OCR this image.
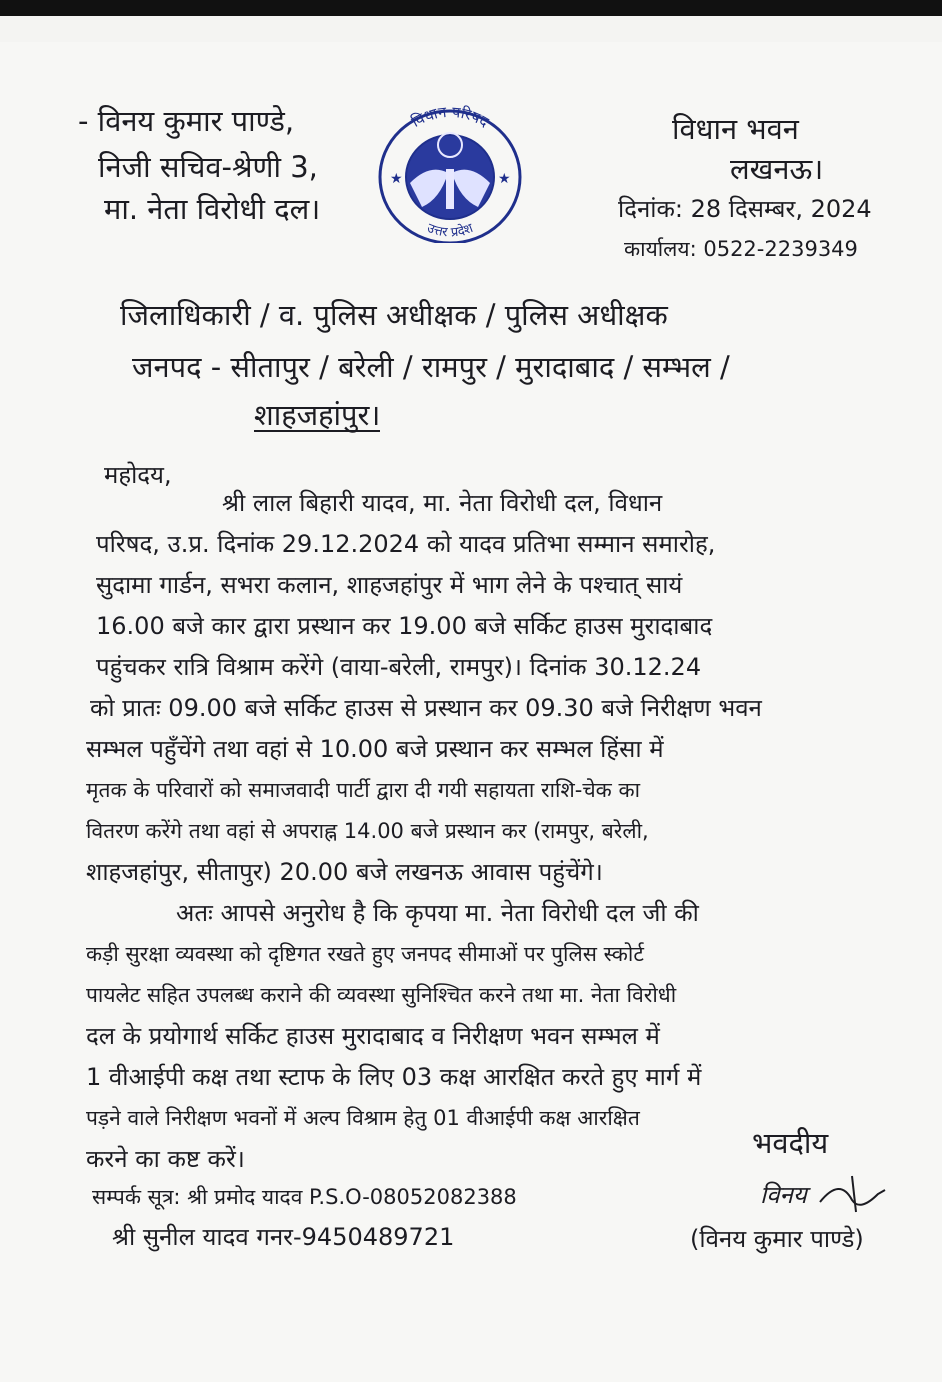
- विनय कुमार पाण्डे,
निजी सचिव-श्रेणी 3,
मा. नेता विरोधी दल।
विधान परिषद
उत्तर प्रदेश
★	★
विधान भवन
लखनऊ।
दिनांक: 28 दिसम्बर, 2024
कार्यालय: 0522-2239349
जिलाधिकारी / व. पुलिस अधीक्षक / पुलिस अधीक्षक
जनपद - सीतापुर / बरेली / रामपुर / मुरादाबाद / सम्भल /
शाहजहांपुर।
महोदय,
श्री लाल बिहारी यादव, मा. नेता विरोधी दल, विधान
परिषद, उ.प्र. दिनांक 29.12.2024 को यादव प्रतिभा सम्मान समारोह,
सुदामा गार्डन, सभरा कलान, शाहजहांपुर में भाग लेने के पश्चात् सायं
16.00 बजे कार द्वारा प्रस्थान कर 19.00 बजे सर्किट हाउस मुरादाबाद
पहुंचकर रात्रि विश्राम करेंगे (वाया-बरेली, रामपुर)। दिनांक 30.12.24
को प्रातः 09.00 बजे सर्किट हाउस से प्रस्थान कर 09.30 बजे निरीक्षण भवन
सम्भल पहुँचेंगे तथा वहां से 10.00 बजे प्रस्थान कर सम्भल हिंसा में
मृतक के परिवारों को समाजवादी पार्टी द्वारा दी गयी सहायता राशि-चेक का
वितरण करेंगे तथा वहां से अपराह्न 14.00 बजे प्रस्थान कर (रामपुर, बरेली,
शाहजहांपुर, सीतापुर) 20.00 बजे लखनऊ आवास पहुंचेंगे।
अतः आपसे अनुरोध है कि कृपया मा. नेता विरोधी दल जी की
कड़ी सुरक्षा व्यवस्था को दृष्टिगत रखते हुए जनपद सीमाओं पर पुलिस स्कोर्ट
पायलेट सहित उपलब्ध कराने की व्यवस्था सुनिश्चित करने तथा मा. नेता विरोधी
दल के प्रयोगार्थ सर्किट हाउस मुरादाबाद व निरीक्षण भवन सम्भल में
1 वीआईपी कक्ष तथा स्टाफ के लिए 03 कक्ष आरक्षित करते हुए मार्ग में
पड़ने वाले निरीक्षण भवनों में अल्प विश्राम हेतु 01 वीआईपी कक्ष आरक्षित
करने का कष्ट करें।
सम्पर्क सूत्र: श्री प्रमोद यादव P.S.O-08052082388
श्री सुनील यादव गनर-9450489721
भवदीय
विनय
(विनय कुमार पाण्डे)
